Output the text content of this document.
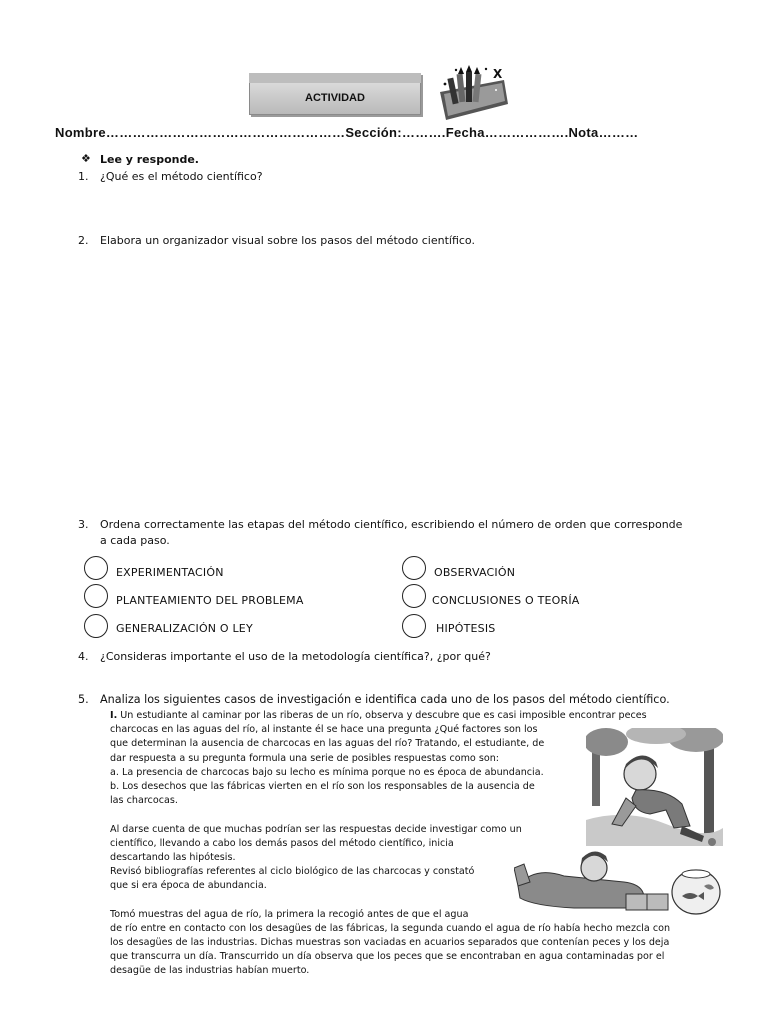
ACTIVIDAD
X
Nombre………………………………………………Sección:……….Fecha……………….Nota………
❖ Lee y responde.
1. ¿Qué es el método científico?
2. Elabora un organizador visual sobre los pasos del método científico.
3. Ordena correctamente las etapas del método científico, escribiendo el número de orden que corresponde
a cada paso.
EXPERIMENTACIÓN
PLANTEAMIENTO DEL PROBLEMA
GENERALIZACIÓN O LEY
OBSERVACIÓN
CONCLUSIONES O TEORÍA
HIPÓTESIS
4. ¿Consideras importante el uso de la metodología científica?, ¿por qué?
5. Analiza los siguientes casos de investigación e identifica cada uno de los pasos del método científico.
I. Un estudiante al caminar por las riberas de un río, observa y descubre que es casi imposible encontrar peces
charcocas en las aguas del río, al instante él se hace una pregunta ¿Qué factores son los
que determinan la ausencia de charcocas en las aguas del río? Tratando, el estudiante, de
dar respuesta a su pregunta formula una serie de posibles respuestas como son:
a. La presencia de charcocas bajo su lecho es mínima porque no es época de abundancia.
b. Los desechos que las fábricas vierten en el río son los responsables de la ausencia de
las charcocas.
Al darse cuenta de que muchas podrían ser las respuestas decide investigar como un
científico, llevando a cabo los demás pasos del método científico, inicia
descartando las hipótesis.
Revisó bibliografías referentes al ciclo biológico de las charcocas y constató
que si era época de abundancia.
Tomó muestras del agua de río, la primera la recogió antes de que el agua
de río entre en contacto con los desagües de las fábricas, la segunda cuando el agua de río había hecho mezcla con
los desagües de las industrias. Dichas muestras son vaciadas en acuarios separados que contenían peces y los deja
que transcurra un día. Transcurrido un día observa que los peces que se encontraban en agua contaminadas por el
desagüe de las industrias habían muerto.
